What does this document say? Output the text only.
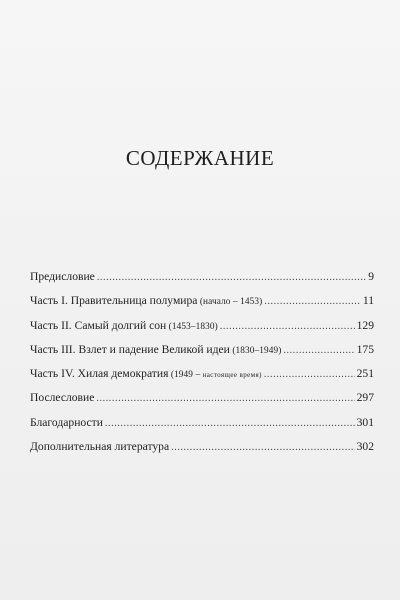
СОДЕРЖАНИЕ
Предисловие .....	9
Часть I. Правительница полумира (начало – 1453) .....	11
Часть II. Самый долгий сон (1453–1830) .....	129
Часть III. Взлет и падение Великой идеи (1830–1949) .....	175
Часть IV. Хилая демократия (1949 – настоящее время) .....	251
Послесловие .....	297
Благодарности .....	301
Дополнительная литература .....	302
